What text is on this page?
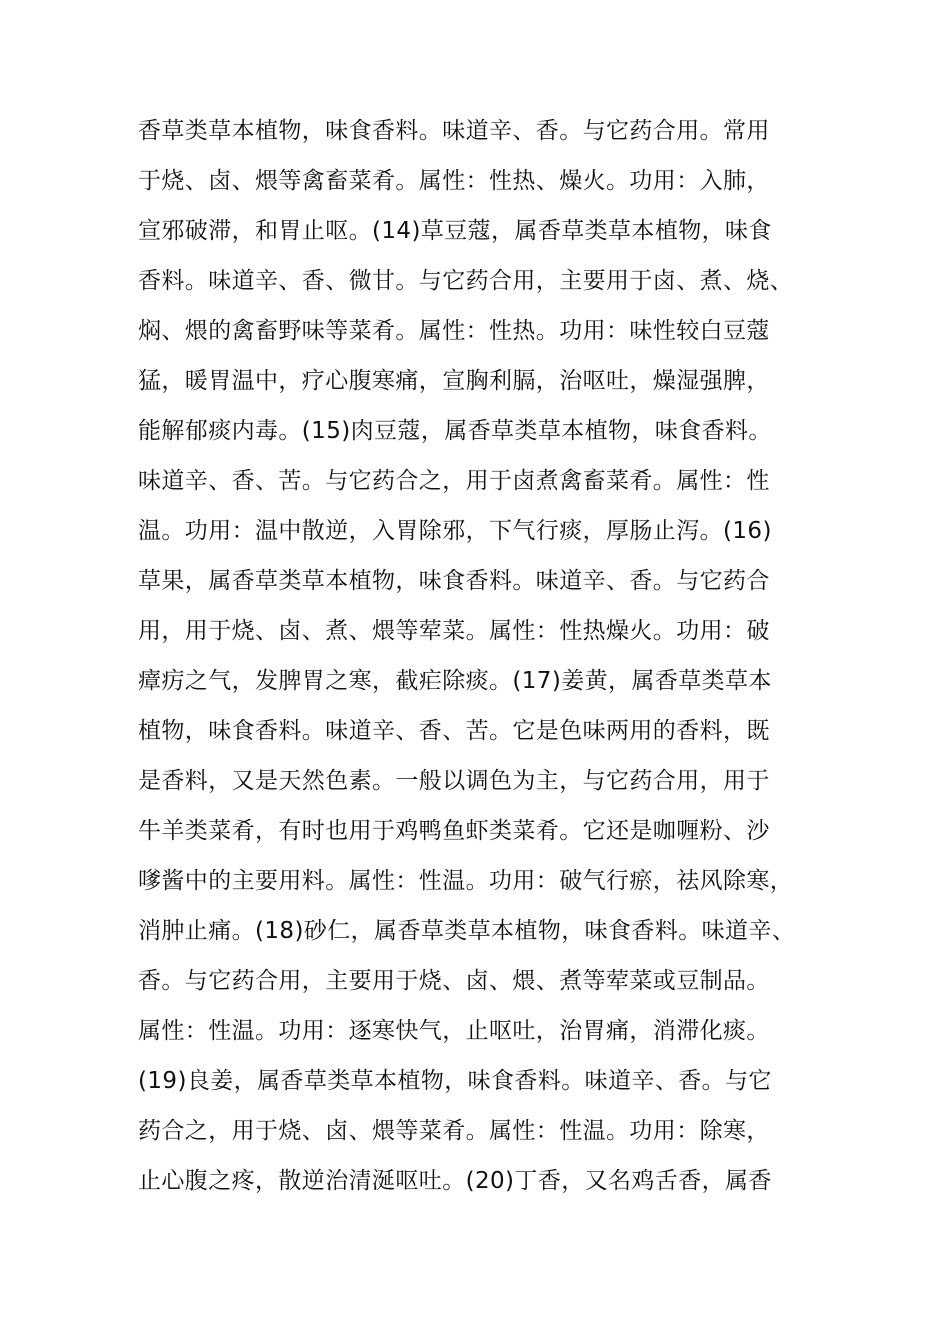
香草类草本植物，味食香料。味道辛、香。与它药合用。常用
于烧、卤、煨等禽畜菜肴。属性：性热、燥火。功用：入肺，
宣邪破滞，和胃止呕。(14)草豆蔻，属香草类草本植物，味食
香料。味道辛、香、微甘。与它药合用，主要用于卤、煮、烧、
焖、煨的禽畜野味等菜肴。属性：性热。功用：味性较白豆蔻
猛，暖胃温中，疗心腹寒痛，宣胸利膈，治呕吐，燥湿强脾，
能解郁痰内毒。(15)肉豆蔻，属香草类草本植物，味食香料。
味道辛、香、苦。与它药合之，用于卤煮禽畜菜肴。属性：性
温。功用：温中散逆，入胃除邪，下气行痰，厚肠止泻。(16)
草果，属香草类草本植物，味食香料。味道辛、香。与它药合
用，用于烧、卤、煮、煨等荤菜。属性：性热燥火。功用：破
瘴疠之气，发脾胃之寒，截疟除痰。(17)姜黄，属香草类草本
植物，味食香料。味道辛、香、苦。它是色味两用的香料，既
是香料，又是天然色素。一般以调色为主，与它药合用，用于
牛羊类菜肴，有时也用于鸡鸭鱼虾类菜肴。它还是咖喱粉、沙
嗲酱中的主要用料。属性：性温。功用：破气行瘀，祛风除寒，
消肿止痛。(18)砂仁，属香草类草本植物，味食香料。味道辛、
香。与它药合用，主要用于烧、卤、煨、煮等荤菜或豆制品。
属性：性温。功用：逐寒快气，止呕吐，治胃痛，消滞化痰。
(19)良姜，属香草类草本植物，味食香料。味道辛、香。与它
药合之，用于烧、卤、煨等菜肴。属性：性温。功用：除寒，
止心腹之疼，散逆治清涎呕吐。(20)丁香，又名鸡舌香，属香
